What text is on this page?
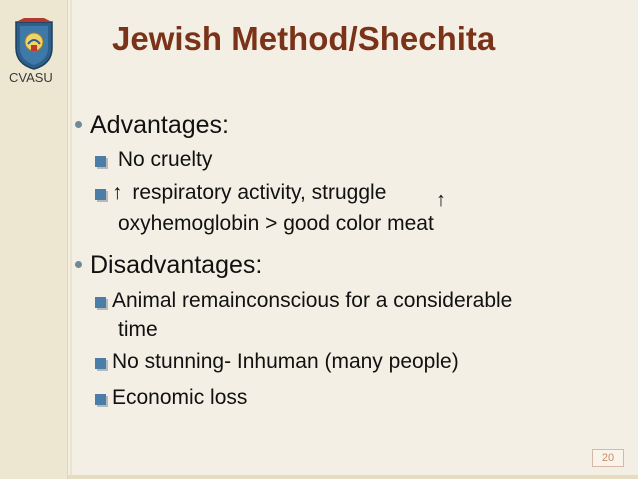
CVASU
Jewish Method/Shechita
Advantages:
No cruelty
↑ respiratory activity, struggle ↑
oxyhemoglobin > good color meat
Disadvantages:
Animal remainconscious for a considerable
time
No stunning- Inhuman (many people)
Economic loss
20
